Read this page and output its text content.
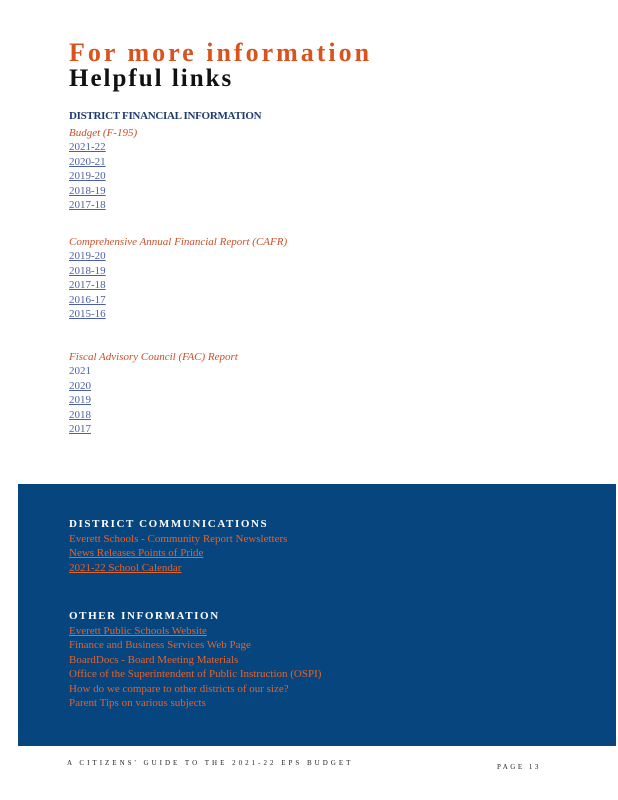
For more information
Helpful links
DISTRICT FINANCIAL INFORMATION
Budget (F-195)
2021-22
2020-21
2019-20
2018-19
2017-18
Comprehensive Annual Financial Report (CAFR)
2019-20
2018-19
2017-18
2016-17
2015-16
Fiscal Advisory Council (FAC) Report
2021
2020
2019
2018
2017
DISTRICT COMMUNICATIONS
Everett Schools - Community Report Newsletters
News Releases Points of Pride
2021-22 School Calendar
OTHER INFORMATION
Everett Public Schools Website
Finance and Business Services Web Page
BoardDocs - Board Meeting Materials
Office of the Superintendent of Public Instruction (OSPI)
How do we compare to other districts of our size?
Parent Tips on various subjects
A CITIZENS' GUIDE TO THE 2021-22 EPS BUDGET	PAGE 13
